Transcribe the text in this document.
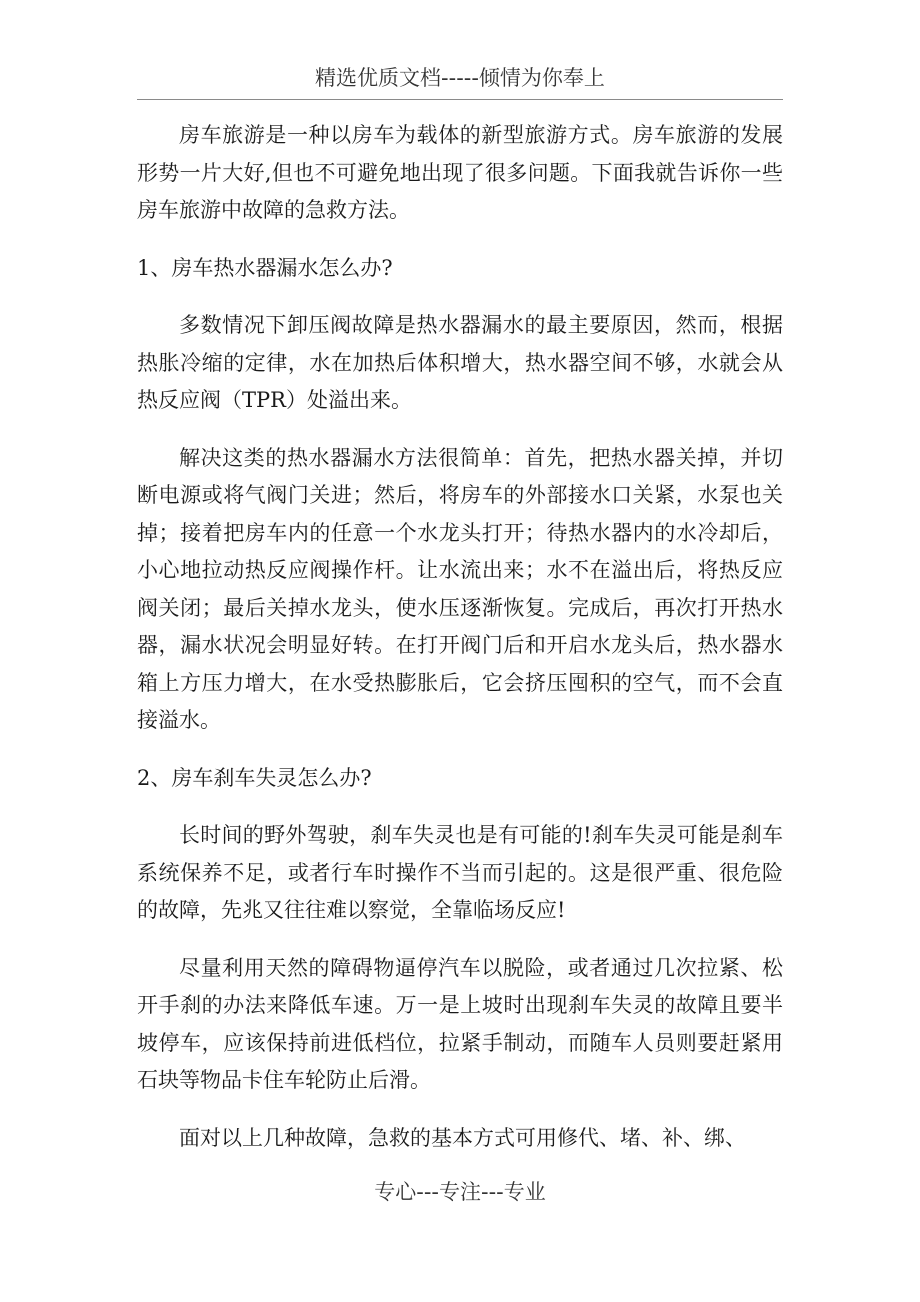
精选优质文档-----倾情为你奉上

房车旅游是一种以房车为载体的新型旅游方式。房车旅游的发展形势一片大好,但也不可避免地出现了很多问题。下面我就告诉你一些房车旅游中故障的急救方法。

1、房车热水器漏水怎么办?

多数情况下卸压阀故障是热水器漏水的最主要原因，然而，根据热胀冷缩的定律，水在加热后体积增大，热水器空间不够，水就会从热反应阀（TPR）处溢出来。

解决这类的热水器漏水方法很简单：首先，把热水器关掉，并切断电源或将气阀门关进；然后，将房车的外部接水口关紧，水泵也关掉；接着把房车内的任意一个水龙头打开；待热水器内的水冷却后，小心地拉动热反应阀操作杆。让水流出来；水不在溢出后，将热反应阀关闭；最后关掉水龙头，使水压逐渐恢复。完成后，再次打开热水器，漏水状况会明显好转。在打开阀门后和开启水龙头后，热水器水箱上方压力增大，在水受热膨胀后，它会挤压囤积的空气，而不会直接溢水。

2、房车刹车失灵怎么办?

长时间的野外驾驶，刹车失灵也是有可能的!刹车失灵可能是刹车系统保养不足，或者行车时操作不当而引起的。这是很严重、很危险的故障，先兆又往往难以察觉，全靠临场反应!

尽量利用天然的障碍物逼停汽车以脱险，或者通过几次拉紧、松开手刹的办法来降低车速。万一是上坡时出现刹车失灵的故障且要半坡停车，应该保持前进低档位，拉紧手制动，而随车人员则要赶紧用石块等物品卡住车轮防止后滑。

面对以上几种故障，急救的基本方式可用修代、堵、补、绑、

专心---专注---专业
